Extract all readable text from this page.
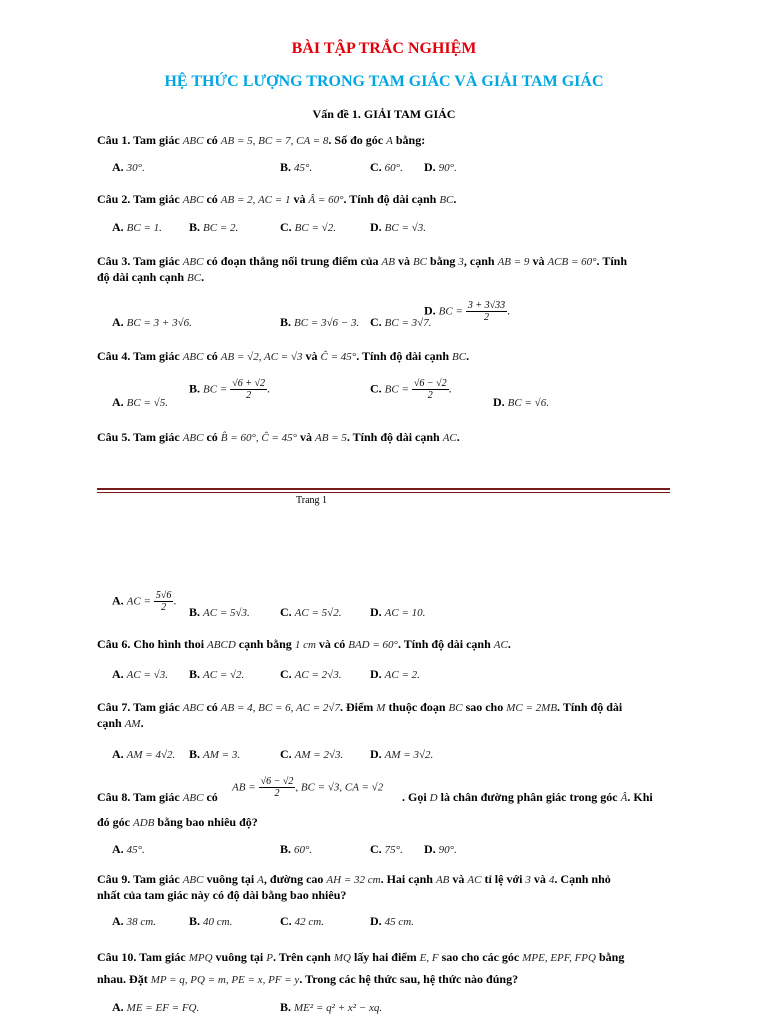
BÀI TẬP TRẮC NGHIỆM
HỆ THỨC LƯỢNG TRONG TAM GIÁC VÀ GIẢI TAM GIÁC
Vấn đề 1. GIẢI TAM GIÁC
Câu 1. Tam giác ABC có AB = 5, BC = 7, CA = 8. Số đo góc A bằng:
A. 30°.	B. 45°.	C. 60°. D. 90°.
Câu 2. Tam giác ABC có AB = 2, AC = 1 và Â = 60°. Tính độ dài cạnh BC.
A. BC = 1. B. BC = 2.	C. BC = √2.	D. BC = √3.
Câu 3. Tam giác ABC có đoạn thẳng nối trung điểm của AB và BC bằng 3, cạnh AB = 9 và ACB = 60°. Tính
độ dài cạnh cạnh BC.
A. BC = 3 + 3√6.	B. BC = 3√6 − 3. C. BC = 3√7.
D. BC = $\frac{3 + 3√33}{2}$ .
Câu 4. Tam giác ABC có AB = √2, AC = √3 và Ĉ = 45°. Tính độ dài cạnh BC.
A. BC = √5.
B. BC = $\frac{√6 + √2}{2}$ .	C. BC = $\frac{√6 - √2}{2}$ .
D. BC = √6.
Câu 5. Tam giác ABC có B̂ = 60°, Ĉ = 45° và AB = 5. Tính độ dài cạnh AC.
Trang 1
A. AC = $\frac{5√6}{2}$ .
B. AC = 5√3.	C. AC = 5√2. D. AC = 10.
Câu 6. Cho hình thoi ABCD cạnh bằng 1 cm và có BAD = 60°. Tính độ dài cạnh AC.
A. AC = √3. B. AC = √2.	C. AC = 2√3. D. AC = 2.
Câu 7. Tam giác ABC có AB = 4, BC = 6, AC = 2√7. Điểm M thuộc đoạn BC sao cho MC = 2MB. Tính độ dài
cạnh AM.
A. AM = 4√2. B. AM = 3.	C. AM = 2√3. D. AM = 3√2.
Câu 8. Tam giác ABC có
AB = $\frac{√6 - √2}{2}$ , BC = √3, CA = √2
. Gọi D là chân đường phân giác trong góc Â. Khi
đó góc ADB bằng bao nhiêu độ?
A. 45°.	B. 60°.	C. 75°. D. 90°.
Câu 9. Tam giác ABC vuông tại A, đường cao AH = 32 cm. Hai cạnh AB và AC tỉ lệ với 3 và 4. Cạnh nhỏ
nhất của tam giác này có độ dài bằng bao nhiêu?
A. 38 cm.	B. 40 cm.	C. 42 cm.	D. 45 cm.
Câu 10. Tam giác MPQ vuông tại P. Trên cạnh MQ lấy hai điểm E, F sao cho các góc MPE, EPF, FPQ bằng
nhau. Đặt MP = q, PQ = m, PE = x, PF = y. Trong các hệ thức sau, hệ thức nào đúng?
A. ME = EF = FQ.	B. ME² = q² + x² − xq.
